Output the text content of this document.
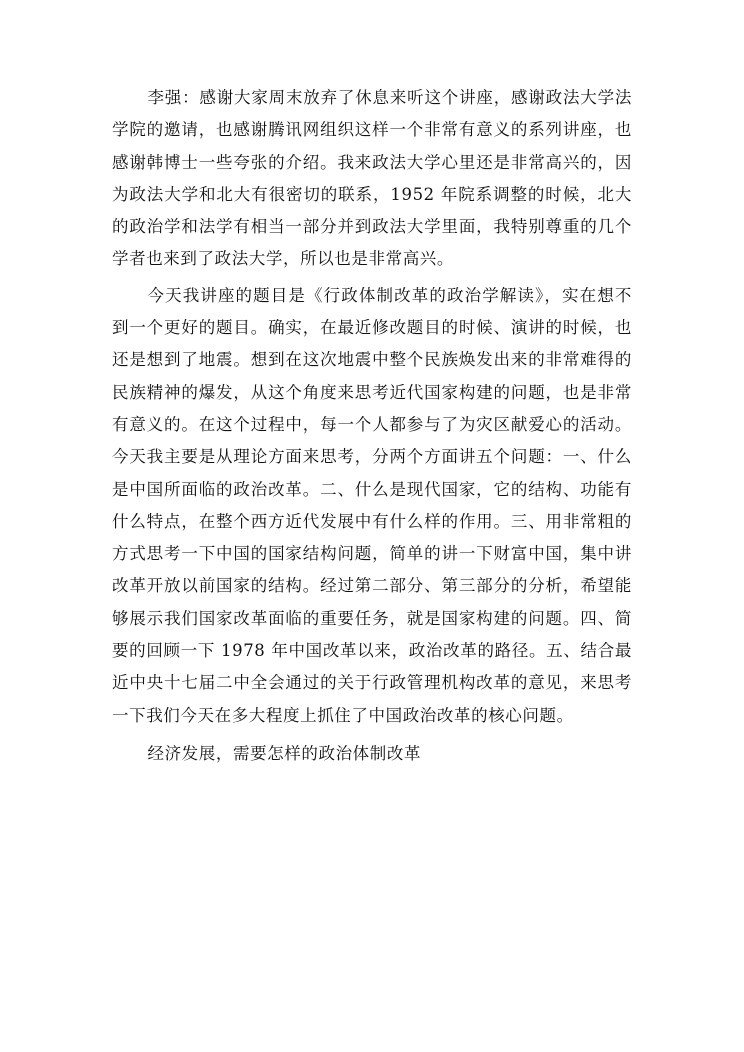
李强：感谢大家周末放弃了休息来听这个讲座，感谢政法大学法学院的邀请，也感谢腾讯网组织这样一个非常有意义的系列讲座，也感谢韩博士一些夸张的介绍。我来政法大学心里还是非常高兴的，因为政法大学和北大有很密切的联系，1952 年院系调整的时候，北大的政治学和法学有相当一部分并到政法大学里面，我特别尊重的几个学者也来到了政法大学，所以也是非常高兴。

今天我讲座的题目是《行政体制改革的政治学解读》，实在想不到一个更好的题目。确实，在最近修改题目的时候、演讲的时候，也还是想到了地震。想到在这次地震中整个民族焕发出来的非常难得的民族精神的爆发，从这个角度来思考近代国家构建的问题，也是非常有意义的。在这个过程中，每一个人都参与了为灾区献爱心的活动。今天我主要是从理论方面来思考，分两个方面讲五个问题：一、什么是中国所面临的政治改革。二、什么是现代国家，它的结构、功能有什么特点，在整个西方近代发展中有什么样的作用。三、用非常粗的方式思考一下中国的国家结构问题，简单的讲一下财富中国，集中讲改革开放以前国家的结构。经过第二部分、第三部分的分析，希望能够展示我们国家改革面临的重要任务，就是国家构建的问题。四、简要的回顾一下 1978 年中国改革以来，政治改革的路径。五、结合最近中央十七届二中全会通过的关于行政管理机构改革的意见，来思考一下我们今天在多大程度上抓住了中国政治改革的核心问题。

经济发展，需要怎样的政治体制改革
